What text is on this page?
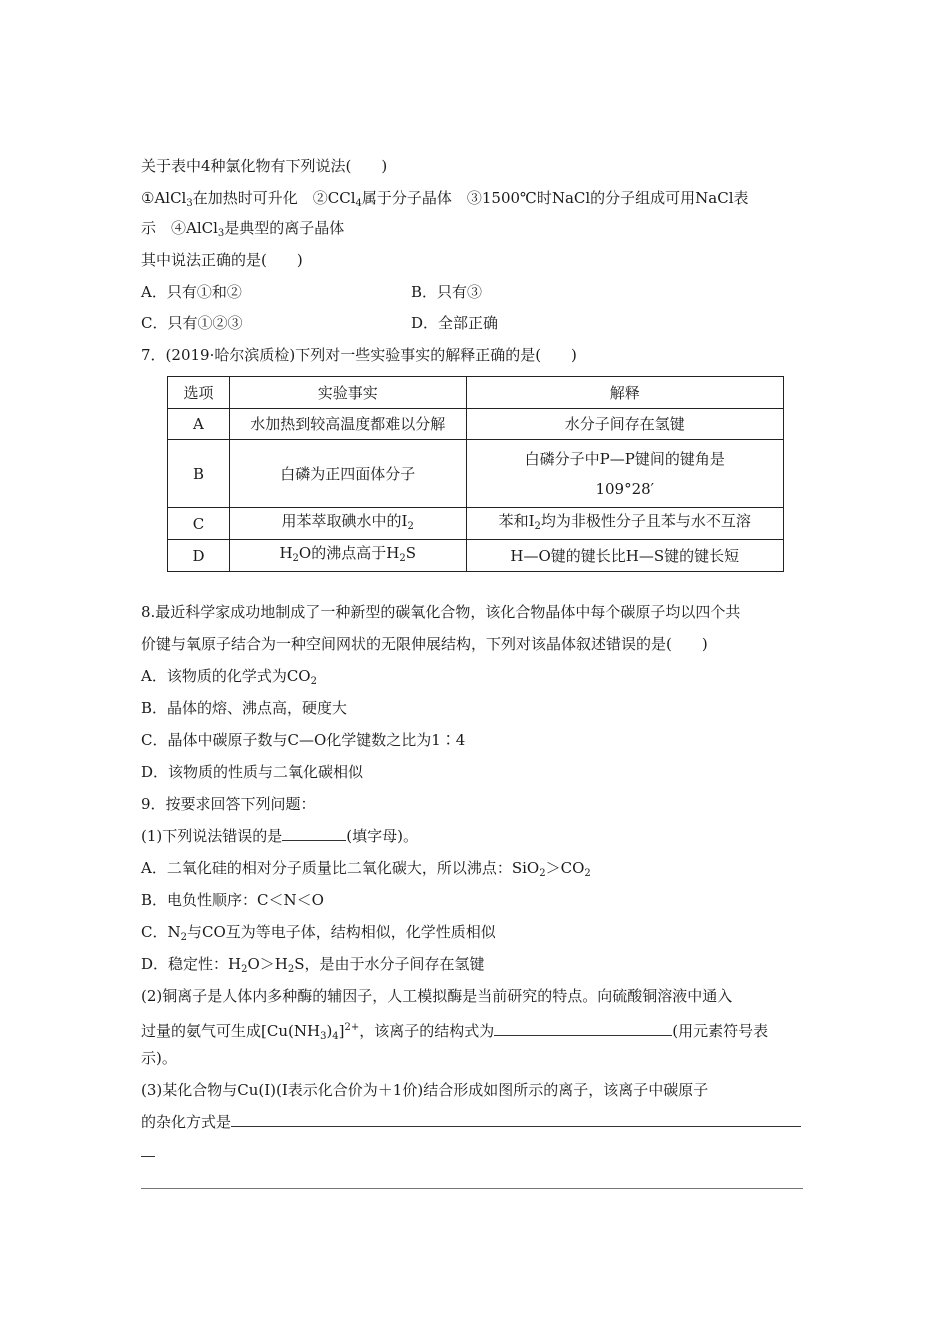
关于表中4种氯化物有下列说法(　　)
①AlCl$_3$在加热时可升化　②CCl$_4$属于分子晶体　③1500℃时NaCl的分子组成可用NaCl表
示　④AlCl$_3$是典型的离子晶体
其中说法正确的是(　　)
A．只有①和②	B．只有③
C．只有①②③	D．全部正确
7．(2019·哈尔滨质检)下列对一些实验事实的解释正确的是(　　)
选项	实验事实	解释
A	水加热到较高温度都难以分解	水分子间存在氢键
B	白磷为正四面体分子	白磷分子中P—P键间的键角是
109°28′
C	用苯萃取碘水中的$I_2$	苯和$I_2$均为非极性分子且苯与水不互溶
D	$H_2O$的沸点高于$H_2S$	H—O键的键长比H—S键的键长短
8.最近科学家成功地制成了一种新型的碳氧化合物，该化合物晶体中每个碳原子均以四个共
价键与氧原子结合为一种空间网状的无限伸展结构，下列对该晶体叙述错误的是(　　)
A．该物质的化学式为$CO_2$
B．晶体的熔、沸点高，硬度大
C．晶体中碳原子数与C—O化学键数之比为1∶4
D．该物质的性质与二氧化碳相似
9．按要求回答下列问题：
(1)下列说法错误的是	(填字母)。
A．二氧化硅的相对分子质量比二氧化碳大，所以沸点：$SiO_2>CO_2$
B．电负性顺序：C＜N＜O
C．$N_2$与CO互为等电子体，结构相似，化学性质相似
D．稳定性：$H_2O>H_2S$，是由于水分子间存在氢键
(2)铜离子是人体内多种酶的辅因子，人工模拟酶是当前研究的特点。向硫酸铜溶液中通入
过量的氨气可生成$[Cu(NH_3)_4]^{2+}$，该离子的结构式为	(用元素符号表
示)。
(3)某化合物与Cu(Ⅰ)(Ⅰ表示化合价为＋1价)结合形成如图所示的离子，该离子中碳原子
的杂化方式是
